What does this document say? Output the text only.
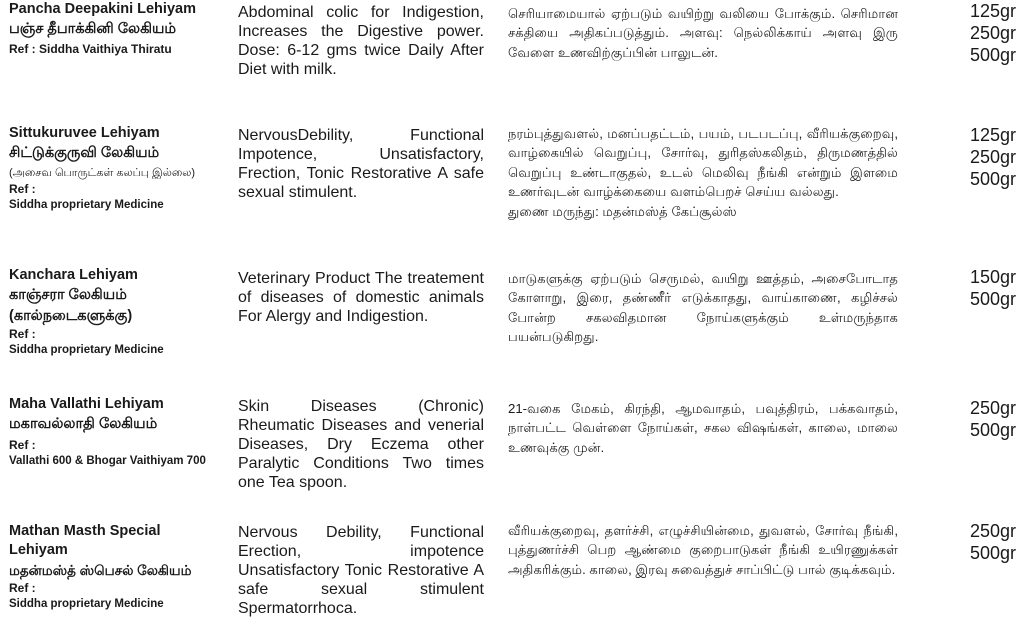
Pancha Deepakini Lehiyam
பஞ்ச தீபாக்கினி லேகியம்
Ref : Siddha Vaithiya Thiratu
Abdominal colic for Indigestion, Increases the Digestive power. Dose: 6-12 gms twice Daily After Diet with milk.
செரியாமையால் ஏற்படும் வயிற்று வலியை போக்கும். செரிமான சக்தியை அதிகப்படுத்தும். அளவு: நெல்லிக்காய் அளவு இரு வேளை உணவிற்குப்பின் பாலுடன்.
125gr
250gr
500gr
Sittukuruvee Lehiyam
சிட்டுக்குருவி லேகியம்
(அசைவ பொருட்கள் கலப்பு இல்லை)
Ref :
Siddha proprietary Medicine
NervousDebility, Functional Impotence, Unsatisfactory, Frection, Tonic Restorative A safe sexual stimulent.
நரம்புத்துவளல், மனப்பதட்டம், பயம், படபடப்பு, வீரியக்குறைவு, வாழ்கையில் வெறுப்பு, சோர்வு, துரிதஸ்கலிதம், திருமணத்தில் வெறுப்பு உண்டாகுதல், உடல் மெலிவு நீங்கி என்றும் இளமை உணர்வுடன் வாழ்க்கையை வளம்பெறச் செய்ய வல்லது.
துணை மருந்து: மதன்மஸ்த் கேப்சூல்ஸ்
125gr
250gr
500gr
Kanchara Lehiyam
காஞ்சரா லேகியம்
(கால்நடைகளுக்கு)
Ref :
Siddha proprietary Medicine
Veterinary Product The treatement of diseases of domestic animals For Alergy and Indigestion.
மாடுகளுக்கு ஏற்படும் செருமல், வயிறு ஊத்தம், அசைபோடாத கோளாறு, இரை, தண்ணீர் எடுக்காதது, வாய்காணை, கழிச்சல் போன்ற சகலவிதமான நோய்களுக்கும் உள்மருந்தாக பயன்படுகிறது.
150gr
500gr
Maha Vallathi Lehiyam
மகாவல்லாதி லேகியம்
Ref :
Vallathi 600 & Bhogar Vaithiyam 700
Skin Diseases (Chronic) Rheumatic Diseases and venerial Diseases, Dry Eczema other Paralytic Conditions Two times one Tea spoon.
21-வகை மேகம், கிரந்தி, ஆமவாதம், பவுத்திரம், பக்கவாதம், நாள்பட்ட வெள்ளை நோய்கள், சகல விஷங்கள், காலை, மாலை உணவுக்கு முன்.
250gr
500gr
Mathan Masth Special Lehiyam
மதன்மஸ்த் ஸ்பெசல் லேகியம்
Ref :
Siddha proprietary Medicine
Nervous Debility, Functional Erection, impotence Unsatisfactory Tonic Restorative A safe sexual stimulent Spermatorrhoca.
வீரியக்குறைவு, தளர்ச்சி, எழுச்சியின்மை, துவளல், சோர்வு நீங்கி, புத்துணர்ச்சி பெற ஆண்மை குறைபாடுகள் நீங்கி உயிரணுக்கள் அதிகரிக்கும். காலை, இரவு சுவைத்துச் சாப்பிட்டு பால் குடிக்கவும்.
250gr
500gr
